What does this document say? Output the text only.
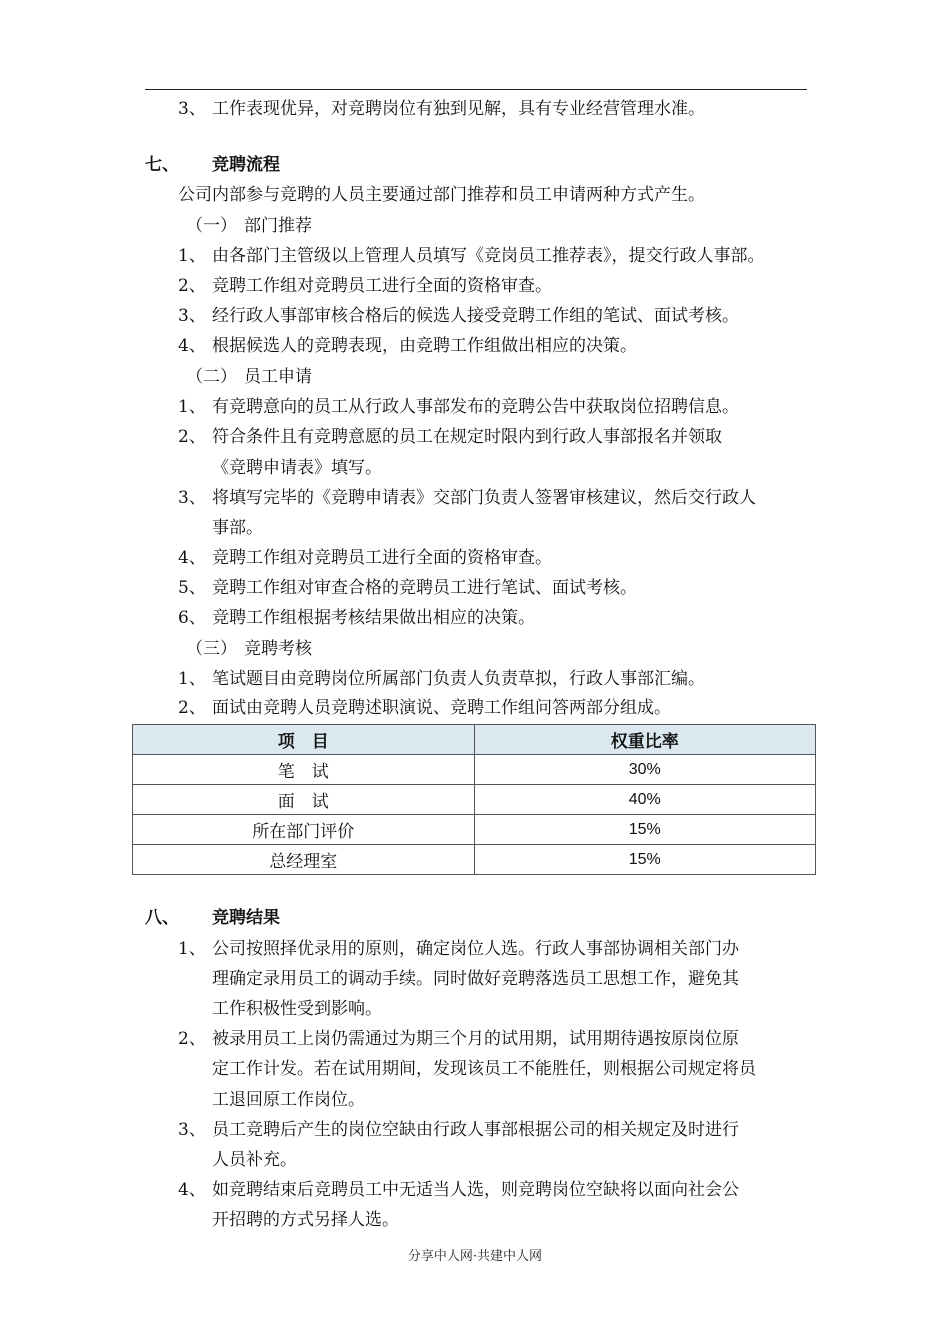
3、 工作表现优异，对竞聘岗位有独到见解，具有专业经营管理水准。
七、 竞聘流程
公司内部参与竞聘的人员主要通过部门推荐和员工申请两种方式产生。
（一） 部门推荐
1、 由各部门主管级以上管理人员填写《竞岗员工推荐表》，提交行政人事部。
2、 竞聘工作组对竞聘员工进行全面的资格审查。
3、 经行政人事部审核合格后的候选人接受竞聘工作组的笔试、面试考核。
4、 根据候选人的竞聘表现，由竞聘工作组做出相应的决策。
（二） 员工申请
1、 有竞聘意向的员工从行政人事部发布的竞聘公告中获取岗位招聘信息。
2、 符合条件且有竞聘意愿的员工在规定时限内到行政人事部报名并领取
《竞聘申请表》填写。
3、 将填写完毕的《竞聘申请表》交部门负责人签署审核建议，然后交行政人
事部。
4、 竞聘工作组对竞聘员工进行全面的资格审查。
5、 竞聘工作组对审查合格的竞聘员工进行笔试、面试考核。
6、 竞聘工作组根据考核结果做出相应的决策。
（三） 竞聘考核
1、 笔试题目由竞聘岗位所属部门负责人负责草拟，行政人事部汇编。
2、 面试由竞聘人员竞聘述职演说、竞聘工作组问答两部分组成。
项　目	权重比率
笔　试	30%
面　试	40%
所在部门评价	15%
总经理室	15%
八、 竞聘结果
1、 公司按照择优录用的原则，确定岗位人选。行政人事部协调相关部门办
理确定录用员工的调动手续。同时做好竞聘落选员工思想工作，避免其
工作积极性受到影响。
2、 被录用员工上岗仍需通过为期三个月的试用期，试用期待遇按原岗位原
定工作计发。若在试用期间，发现该员工不能胜任，则根据公司规定将员
工退回原工作岗位。
3、 员工竞聘后产生的岗位空缺由行政人事部根据公司的相关规定及时进行
人员补充。
4、 如竞聘结束后竞聘员工中无适当人选，则竞聘岗位空缺将以面向社会公
开招聘的方式另择人选。
分享中人网·共建中人网
